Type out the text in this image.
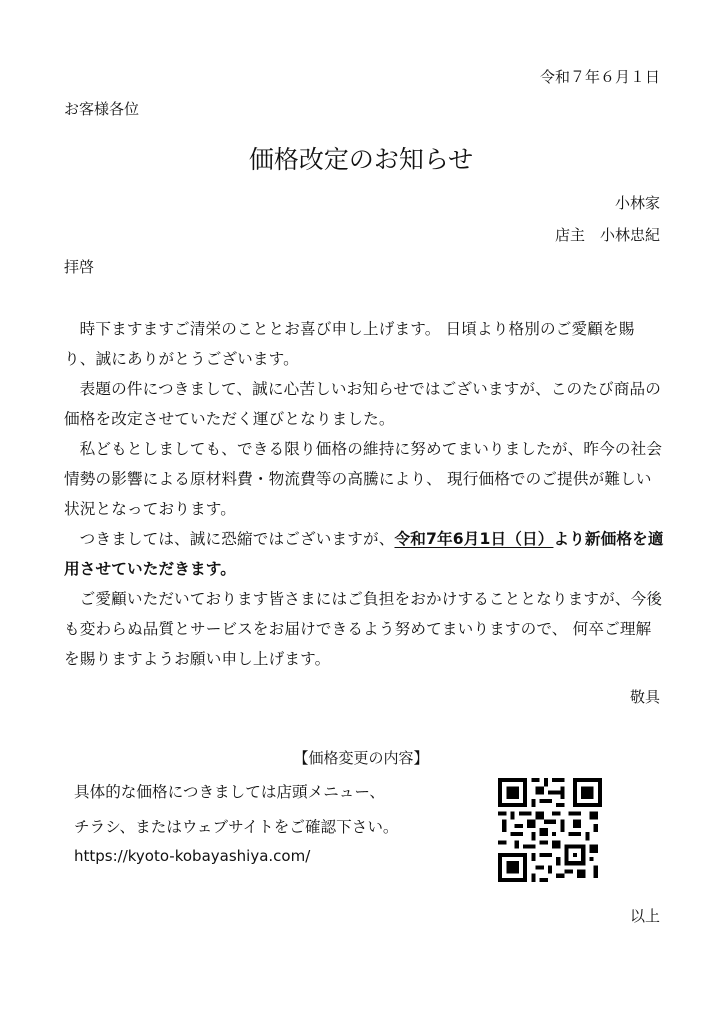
令和７年６月１日
お客様各位
価格改定のお知らせ
小林家
店主　小林忠紀
拝啓

時下ますますご清栄のこととお喜び申し上げます。 日頃より格別のご愛顧を賜り、誠にありがとうございます。

表題の件につきまして、誠に心苦しいお知らせではございますが、このたび商品の価格を改定させていただく運びとなりました。

私どもとしましても、できる限り価格の維持に努めてまいりましたが、昨今の社会情勢の影響による原材料費・物流費等の高騰により、 現行価格でのご提供が難しい状況となっております。

つきましては、誠に恐縮ではございますが、令和7年6月1日（日）より新価格を適用させていただきます。

ご愛顧いただいております皆さまにはご負担をおかけすることとなりますが、今後も変わらぬ品質とサービスをお届けできるよう努めてまいりますので、 何卒ご理解を賜りますようお願い申し上げます。

敬具
【価格変更の内容】
具体的な価格につきましては店頭メニュー、
チラシ、またはウェブサイトをご確認下さい。
https://kyoto-kobayashiya.com/
以上
